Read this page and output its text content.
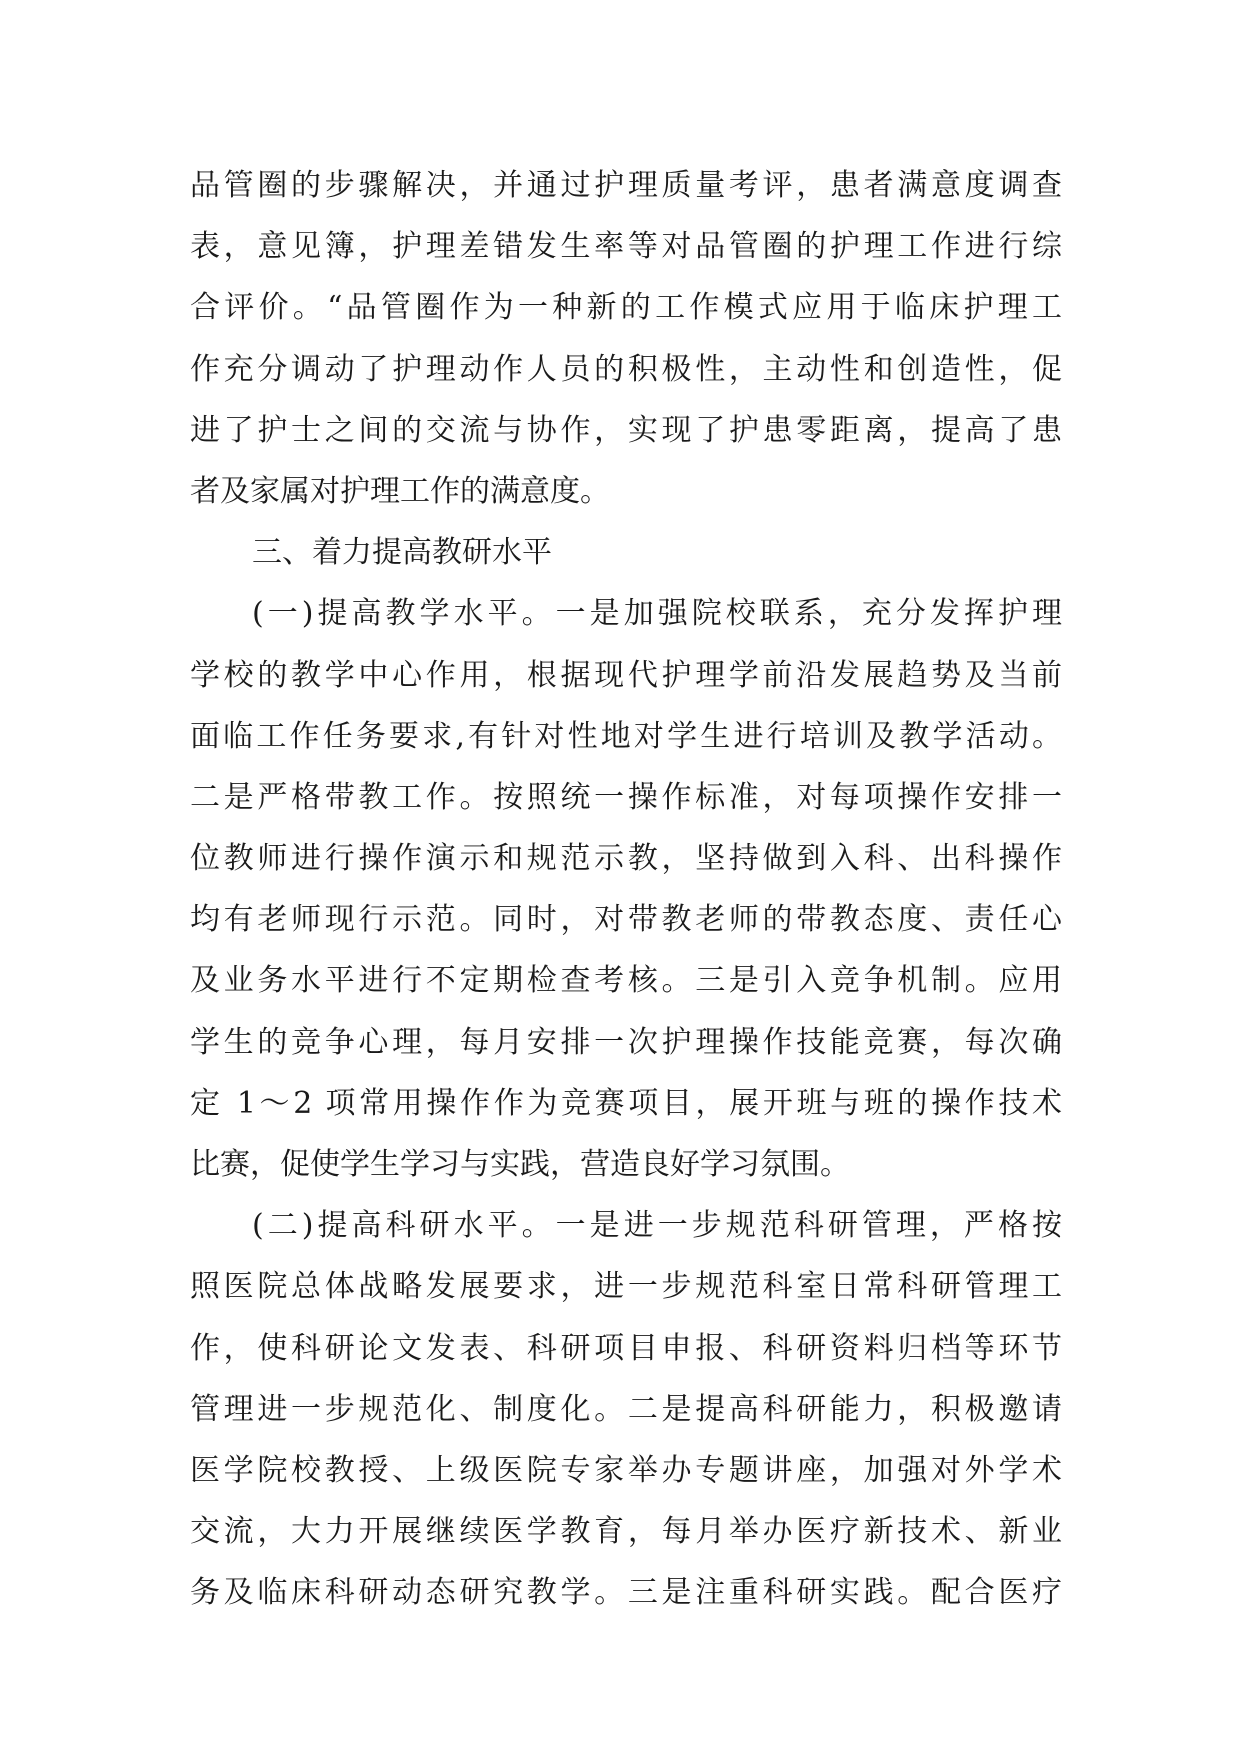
品管圈的步骤解决，并通过护理质量考评，患者满意度调查
表，意见簿，护理差错发生率等对品管圈的护理工作进行综
合评价。“品管圈作为一种新的工作模式应用于临床护理工
作充分调动了护理动作人员的积极性，主动性和创造性，促
进了护士之间的交流与协作，实现了护患零距离，提高了患
者及家属对护理工作的满意度。
三、着力提高教研水平
(一)提高教学水平。一是加强院校联系，充分发挥护理
学校的教学中心作用，根据现代护理学前沿发展趋势及当前
面临工作任务要求,有针对性地对学生进行培训及教学活动。
二是严格带教工作。按照统一操作标准，对每项操作安排一
位教师进行操作演示和规范示教，坚持做到入科、出科操作
均有老师现行示范。同时，对带教老师的带教态度、责任心
及业务水平进行不定期检查考核。三是引入竞争机制。应用
学生的竞争心理，每月安排一次护理操作技能竞赛，每次确
定 1～2 项常用操作作为竞赛项目，展开班与班的操作技术
比赛，促使学生学习与实践，营造良好学习氛围。
(二)提高科研水平。一是进一步规范科研管理，严格按
照医院总体战略发展要求，进一步规范科室日常科研管理工
作，使科研论文发表、科研项目申报、科研资料归档等环节
管理进一步规范化、制度化。二是提高科研能力，积极邀请
医学院校教授、上级医院专家举办专题讲座，加强对外学术
交流，大力开展继续医学教育，每月举办医疗新技术、新业
务及临床科研动态研究教学。三是注重科研实践。配合医疗
